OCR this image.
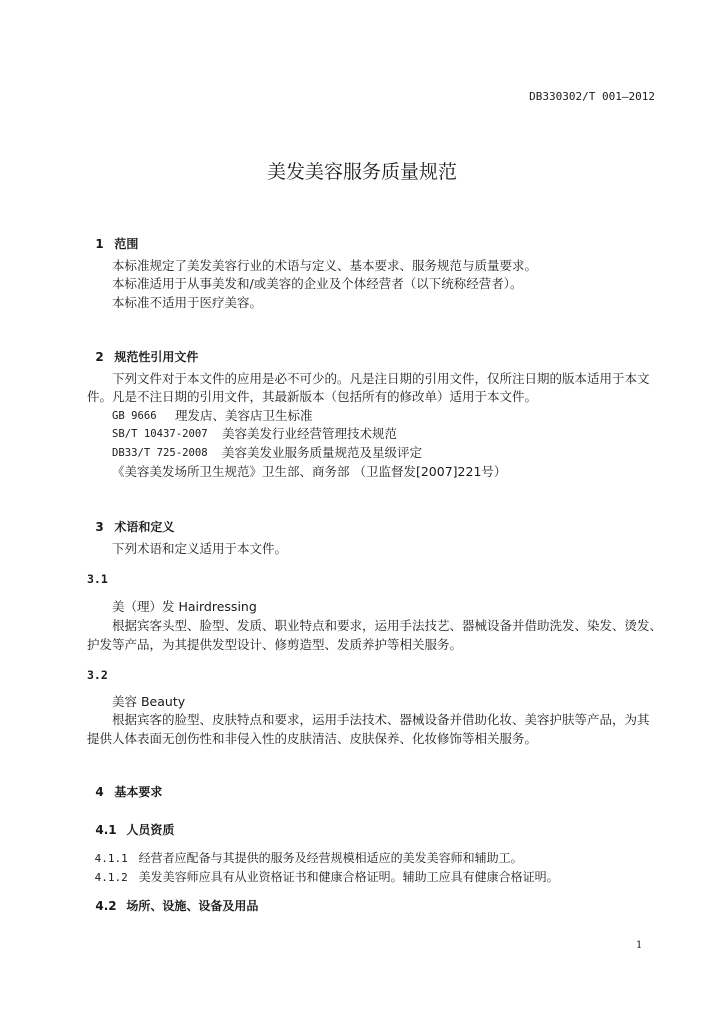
DB330302/T 001—2012
美发美容服务质量规范

1 范围

本标准规定了美发美容行业的术语与定义、基本要求、服务规范与质量要求。
本标准适用于从事美发和/或美容的企业及个体经营者（以下统称经营者）。
本标准不适用于医疗美容。

2 规范性引用文件

下列文件对于本文件的应用是必不可少的。凡是注日期的引用文件，仅所注日期的版本适用于本文
件。凡是不注日期的引用文件，其最新版本（包括所有的修改单）适用于本文件。
GB 9666	理发店、美容店卫生标准
SB/T 10437-2007	美容美发行业经营管理技术规范
DB33/T 725-2008	美容美发业服务质量规范及星级评定
《美容美发场所卫生规范》卫生部、商务部 （卫监督发[2007]221号）

3 术语和定义

下列术语和定义适用于本文件。
3.1
美（理）发 Hairdressing
根据宾客头型、脸型、发质、职业特点和要求，运用手法技艺、器械设备并借助洗发、染发、烫发、
护发等产品，为其提供发型设计、修剪造型、发质养护等相关服务。
3.2
美容 Beauty
根据宾客的脸型、皮肤特点和要求，运用手法技术、器械设备并借助化妆、美容护肤等产品，为其
提供人体表面无创伤性和非侵入性的皮肤清洁、皮肤保养、化妆修饰等相关服务。

4 基本要求

4.1 人员资质

4.1.1 经营者应配备与其提供的服务及经营规模相适应的美发美容师和辅助工。

4.1.2 美发美容师应具有从业资格证书和健康合格证明。辅助工应具有健康合格证明。

4.2 场所、设施、设备及用品

1
